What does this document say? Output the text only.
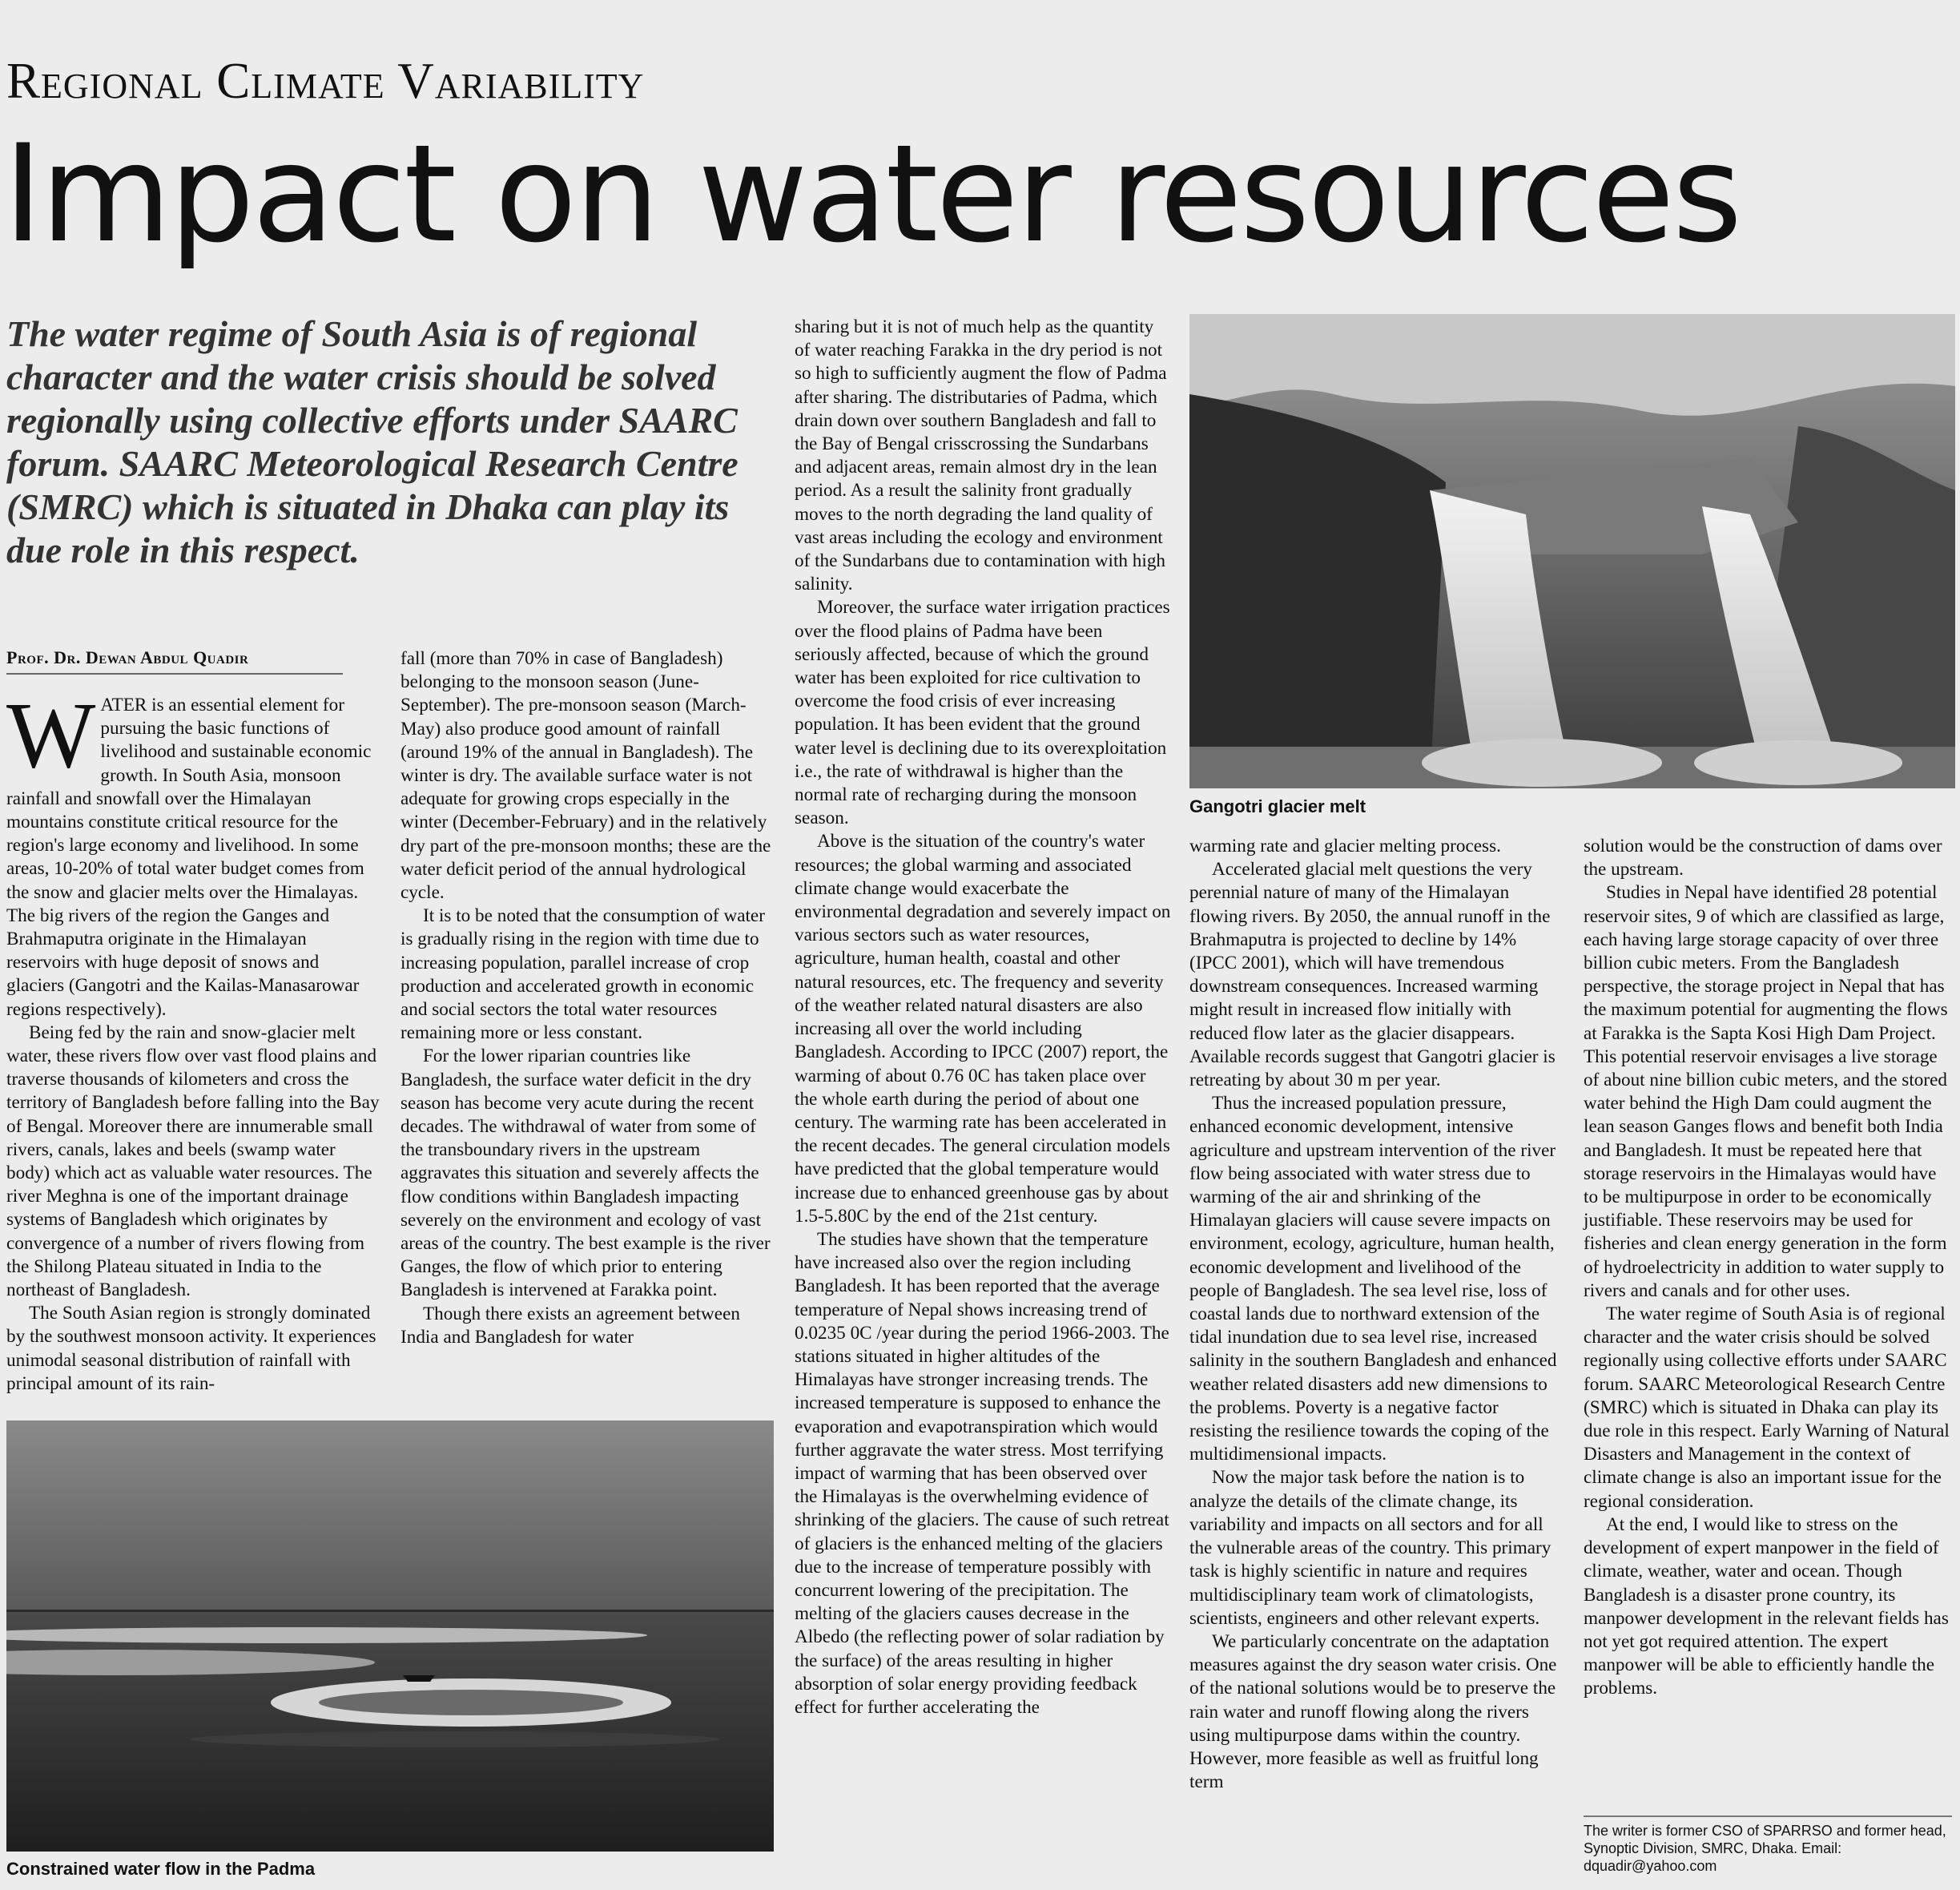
Regional Climate Variability
Impact on water resources
The water regime of South Asia is of regional character and the water crisis should be solved regionally using collective efforts under SAARC forum. SAARC Meteorological Research Centre (SMRC) which is situated in Dhaka can play its due role in this respect.
Prof. Dr. Dewan Abdul Quadir

WATER is an essential element for pursuing the basic functions of livelihood and sustainable economic growth. In South Asia, monsoon rainfall and snowfall over the Himalayan mountains constitute critical resource for the region's large economy and livelihood. In some areas, 10-20% of total water budget comes from the snow and glacier melts over the Himalayas. The big rivers of the region the Ganges and Brahmaputra originate in the Himalayan reservoirs with huge deposit of snows and glaciers (Gangotri and the Kailas-Manasarowar regions respectively).

Being fed by the rain and snow-glacier melt water, these rivers flow over vast flood plains and traverse thousands of kilometers and cross the territory of Bangladesh before falling into the Bay of Bengal. Moreover there are innumerable small rivers, canals, lakes and beels (swamp water body) which act as valuable water resources. The river Meghna is one of the important drainage systems of Bangladesh which originates by convergence of a number of rivers flowing from the Shilong Plateau situated in India to the northeast of Bangladesh.

The South Asian region is strongly dominated by the southwest monsoon activity. It experiences unimodal seasonal distribution of rainfall with principal amount of its rain-

fall (more than 70% in case of Bangladesh) belonging to the monsoon season (June-September). The pre-monsoon season (March-May) also produce good amount of rainfall (around 19% of the annual in Bangladesh). The winter is dry. The available surface water is not adequate for growing crops especially in the winter (December-February) and in the relatively dry part of the pre-monsoon months; these are the water deficit period of the annual hydrological cycle.

It is to be noted that the consumption of water is gradually rising in the region with time due to increasing population, parallel increase of crop production and accelerated growth in economic and social sectors the total water resources remaining more or less constant.

For the lower riparian countries like Bangladesh, the surface water deficit in the dry season has become very acute during the recent decades. The withdrawal of water from some of the transboundary rivers in the upstream aggravates this situation and severely affects the flow conditions within Bangladesh impacting severely on the environment and ecology of vast areas of the country. The best example is the river Ganges, the flow of which prior to entering Bangladesh is intervened at Farakka point.

Though there exists an agreement between India and Bangladesh for water

Constrained water flow in the Padma

sharing but it is not of much help as the quantity of water reaching Farakka in the dry period is not so high to sufficiently augment the flow of Padma after sharing. The distributaries of Padma, which drain down over southern Bangladesh and fall to the Bay of Bengal crisscrossing the Sundarbans and adjacent areas, remain almost dry in the lean period. As a result the salinity front gradually moves to the north degrading the land quality of vast areas including the ecology and environment of the Sundarbans due to contamination with high salinity.

Moreover, the surface water irrigation practices over the flood plains of Padma have been seriously affected, because of which the ground water has been exploited for rice cultivation to overcome the food crisis of ever increasing population. It has been evident that the ground water level is declining due to its overexploitation i.e., the rate of withdrawal is higher than the normal rate of recharging during the monsoon season.

Above is the situation of the country's water resources; the global warming and associated climate change would exacerbate the environmental degradation and severely impact on various sectors such as water resources, agriculture, human health, coastal and other natural resources, etc. The frequency and severity of the weather related natural disasters are also increasing all over the world including Bangladesh. According to IPCC (2007) report, the warming of about 0.76 0C has taken place over the whole earth during the period of about one century. The warming rate has been accelerated in the recent decades. The general circulation models have predicted that the global temperature would increase due to enhanced greenhouse gas by about 1.5-5.80C by the end of the 21st century.

The studies have shown that the temperature have increased also over the region including Bangladesh. It has been reported that the average temperature of Nepal shows increasing trend of 0.0235 0C /year during the period 1966-2003. The stations situated in higher altitudes of the Himalayas have stronger increasing trends. The increased temperature is supposed to enhance the evaporation and evapotranspiration which would further aggravate the water stress. Most terrifying impact of warming that has been observed over the Himalayas is the overwhelming evidence of shrinking of the glaciers. The cause of such retreat of glaciers is the enhanced melting of the glaciers due to the increase of temperature possibly with concurrent lowering of the precipitation. The melting of the glaciers causes decrease in the Albedo (the reflecting power of solar radiation by the surface) of the areas resulting in higher absorption of solar energy providing feedback effect for further accelerating the

Gangotri glacier melt

warming rate and glacier melting process.

Accelerated glacial melt questions the very perennial nature of many of the Himalayan flowing rivers. By 2050, the annual runoff in the Brahmaputra is projected to decline by 14% (IPCC 2001), which will have tremendous downstream consequences. Increased warming might result in increased flow initially with reduced flow later as the glacier disappears. Available records suggest that Gangotri glacier is retreating by about 30 m per year.

Thus the increased population pressure, enhanced economic development, intensive agriculture and upstream intervention of the river flow being associated with water stress due to warming of the air and shrinking of the Himalayan glaciers will cause severe impacts on environment, ecology, agriculture, human health, economic development and livelihood of the people of Bangladesh. The sea level rise, loss of coastal lands due to northward extension of the tidal inundation due to sea level rise, increased salinity in the southern Bangladesh and enhanced weather related disasters add new dimensions to the problems. Poverty is a negative factor resisting the resilience towards the coping of the multidimensional impacts.

Now the major task before the nation is to analyze the details of the climate change, its variability and impacts on all sectors and for all the vulnerable areas of the country. This primary task is highly scientific in nature and requires multidisciplinary team work of climatologists, scientists, engineers and other relevant experts.

We particularly concentrate on the adaptation measures against the dry season water crisis. One of the national solutions would be to preserve the rain water and runoff flowing along the rivers using multipurpose dams within the country. However, more feasible as well as fruitful long term

solution would be the construction of dams over the upstream.

Studies in Nepal have identified 28 potential reservoir sites, 9 of which are classified as large, each having large storage capacity of over three billion cubic meters. From the Bangladesh perspective, the storage project in Nepal that has the maximum potential for augmenting the flows at Farakka is the Sapta Kosi High Dam Project. This potential reservoir envisages a live storage of about nine billion cubic meters, and the stored water behind the High Dam could augment the lean season Ganges flows and benefit both India and Bangladesh. It must be repeated here that storage reservoirs in the Himalayas would have to be multipurpose in order to be economically justifiable. These reservoirs may be used for fisheries and clean energy generation in the form of hydroelectricity in addition to water supply to rivers and canals and for other uses.

The water regime of South Asia is of regional character and the water crisis should be solved regionally using collective efforts under SAARC forum. SAARC Meteorological Research Centre (SMRC) which is situated in Dhaka can play its due role in this respect. Early Warning of Natural Disasters and Management in the context of climate change is also an important issue for the regional consideration.

At the end, I would like to stress on the development of expert manpower in the field of climate, weather, water and ocean. Though Bangladesh is a disaster prone country, its manpower development in the relevant fields has not yet got required attention. The expert manpower will be able to efficiently handle the problems.

The writer is former CSO of SPARRSO and former head, Synoptic Division, SMRC, Dhaka. Email: dquadir@yahoo.com
